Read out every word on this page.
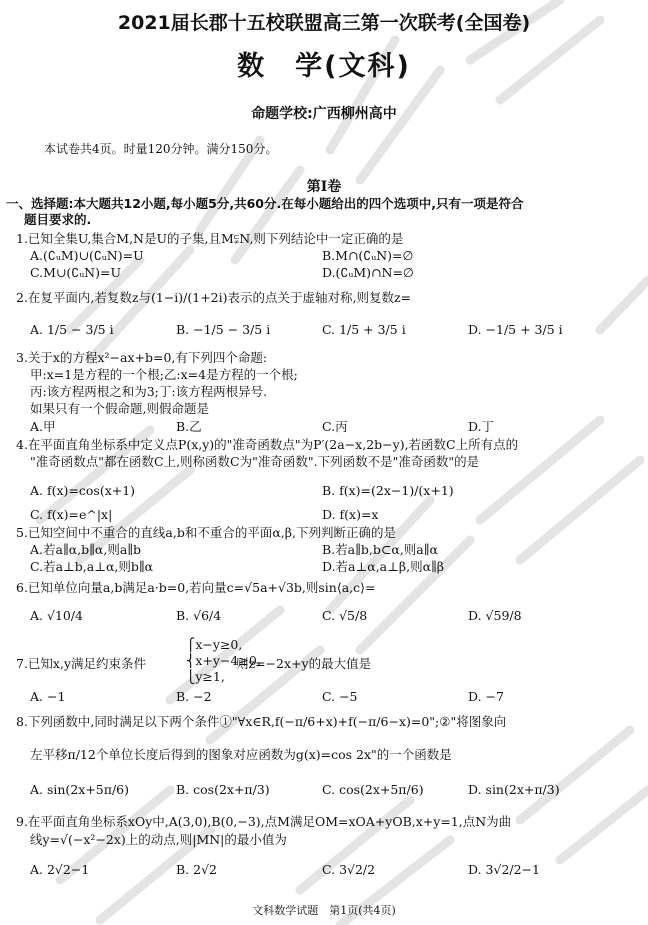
2021届长郡十五校联盟高三第一次联考(全国卷)
数　学(文科)
命题学校:广西柳州高中
本试卷共4页。时量120分钟。满分150分。
第Ⅰ卷
一、选择题:本大题共12小题,每小题5分,共60分.在每小题给出的四个选项中,只有一项是符合
题目要求的.
1.已知全集U,集合M,N是U的子集,且M⫋N,则下列结论中一定正确的是
A.(∁ᵤM)∪(∁ᵤN)=U	B.M∩(∁ᵤN)=∅
C.M∪(∁ᵤN)=U	D.(∁ᵤM)∩N=∅
2.在复平面内,若复数z与(1−i)/(1+2i)表示的点关于虚轴对称,则复数z=
A. 1/5 − 3/5 i	B. −1/5 − 3/5 i	C. 1/5 + 3/5 i	D. −1/5 + 3/5 i
3.关于x的方程x²−ax+b=0,有下列四个命题:
甲:x=1是方程的一个根;乙:x=4是方程的一个根;
丙:该方程两根之和为3;丁:该方程两根异号.
如果只有一个假命题,则假命题是
A.甲	B.乙	C.丙	D.丁
4.在平面直角坐标系中定义点P(x,y)的"准奇函数点"为P′(2a−x,2b−y),若函数C上所有点的
"准奇函数点"都在函数C上,则称函数C为"准奇函数".下列函数不是"准奇函数"的是
A. f(x)=cos(x+1)	B. f(x)=(2x−1)/(x+1)
C. f(x)=e^|x|	D. f(x)=x
5.已知空间中不重合的直线a,b和不重合的平面α,β,下列判断正确的是
A.若a∥α,b∥α,则a∥b	B.若a∥b,b⊂α,则a∥α
C.若a⊥b,a⊥α,则b∥α	D.若a⊥α,a⊥β,则α∥β
6.已知单位向量a,b满足a·b=0,若向量c=√5a+√3b,则sin⟨a,c⟩=
A. √10/4	B. √6/4	C. √5/8	D. √59/8
7.已知x,y满足约束条件
⎧x−y≥0,
⎨x+y−4≥0,
⎩y≥1,
则z=−2x+y的最大值是
A. −1	B. −2	C. −5	D. −7
8.下列函数中,同时满足以下两个条件①"∀x∈R,f(−π/6+x)+f(−π/6−x)=0";②"将图象向
左平移π/12个单位长度后得到的图象对应函数为g(x)=cos 2x"的一个函数是
A. sin(2x+5π/6)	B. cos(2x+π/3)	C. cos(2x+5π/6)	D. sin(2x+π/3)
9.在平面直角坐标系xOy中,A(3,0),B(0,−3),点M满足OM=xOA+yOB,x+y=1,点N为曲
线y=√(−x²−2x)上的动点,则|MN|的最小值为
A. 2√2−1	B. 2√2	C. 3√2/2	D. 3√2/2−1
文科数学试题　第1页(共4页)
